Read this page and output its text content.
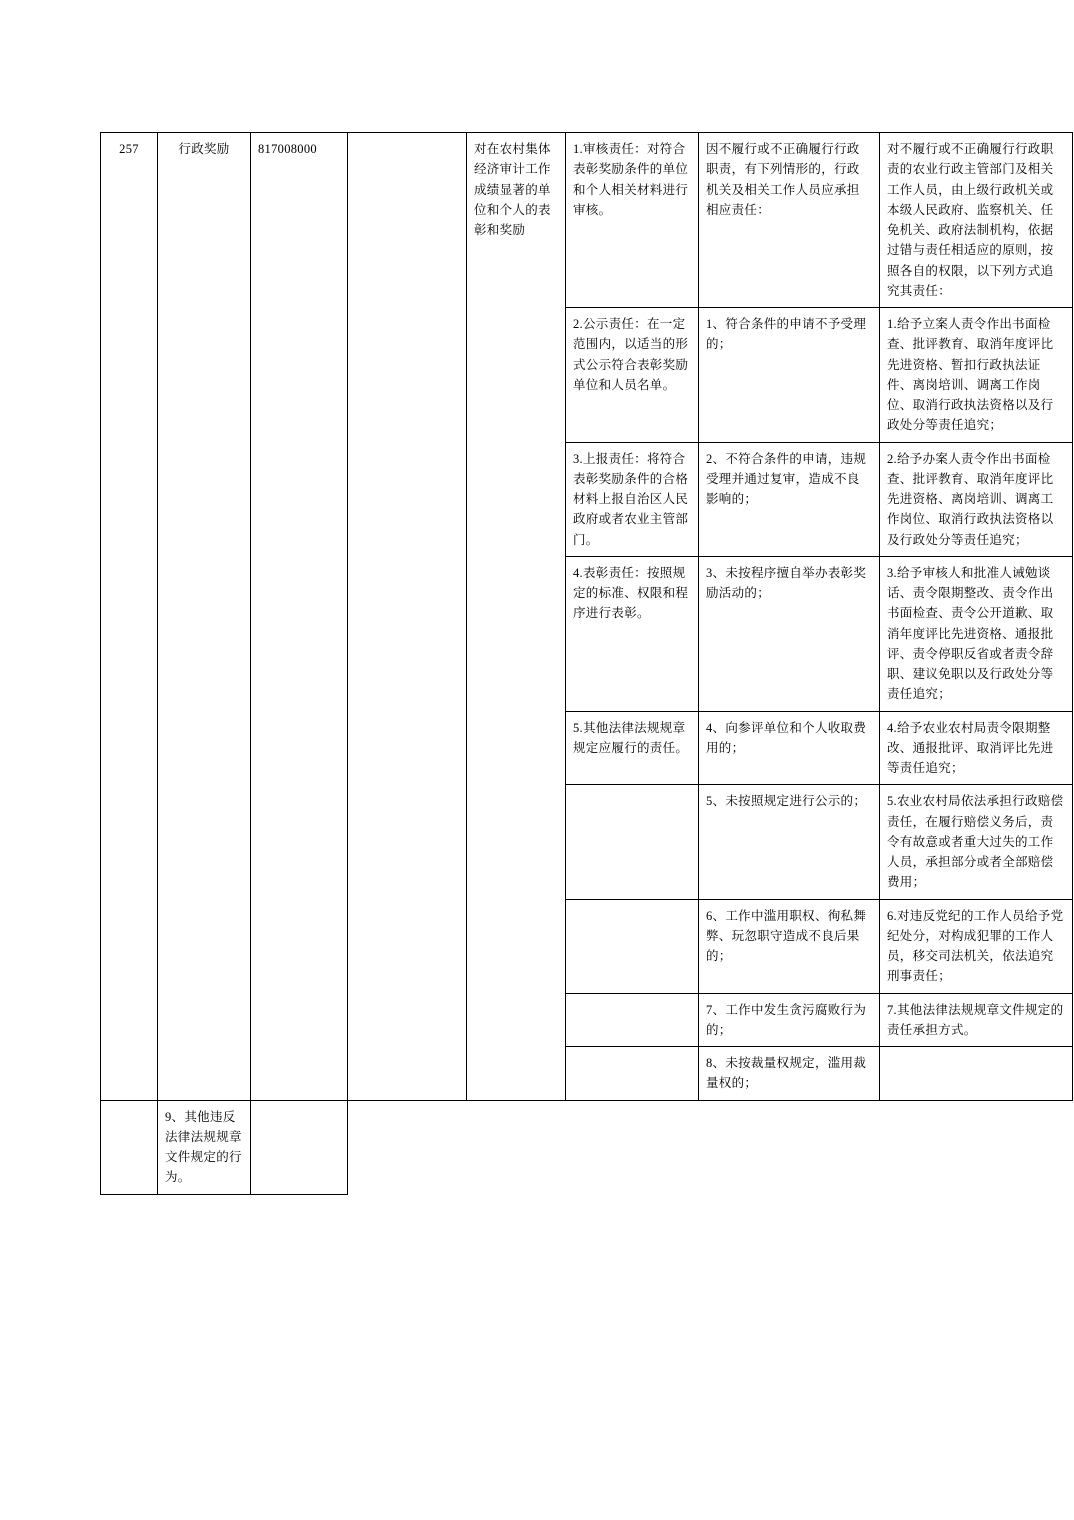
257	行政奖励	817008000		对在农村集体经济审计工作成绩显著的单位和个人的表彰和奖励	1.审核责任：对符合表彰奖励条件的单位和个人相关材料进行审核。	因不履行或不正确履行行政职责，有下列情形的，行政机关及相关工作人员应承担相应责任：	对不履行或不正确履行行政职责的农业行政主管部门及相关工作人员，由上级行政机关或本级人民政府、监察机关、任免机关、政府法制机构，依据过错与责任相适应的原则，按照各自的权限，以下列方式追究其责任：

					2.公示责任：在一定范围内，以适当的形式公示符合表彰奖励单位和人员名单。	1、符合条件的申请不予受理的；	1.给予立案人责令作出书面检查、批评教育、取消年度评比先进资格、暂扣行政执法证件、离岗培训、调离工作岗位、取消行政执法资格以及行政处分等责任追究；
					3.上报责任：将符合表彰奖励条件的合格材料上报自治区人民政府或者农业主管部门。	2、不符合条件的申请，违规受理并通过复审，造成不良影响的；	2.给予办案人责令作出书面检查、批评教育、取消年度评比先进资格、离岗培训、调离工作岗位、取消行政执法资格以及行政处分等责任追究；
					4.表彰责任：按照规定的标准、权限和程序进行表彰。	3、未按程序擅自举办表彰奖励活动的；	3.给予审核人和批准人诫勉谈话、责令限期整改、责令作出书面检查、责令公开道歉、取消年度评比先进资格、通报批评、责令停职反省或者责令辞职、建议免职以及行政处分等责任追究；
					5.其他法律法规规章规定应履行的责任。	4、向参评单位和个人收取费用的；	4.给予农业农村局责令限期整改、通报批评、取消评比先进等责任追究；
						5、未按照规定进行公示的；	5.农业农村局依法承担行政赔偿责任，在履行赔偿义务后，责令有故意或者重大过失的工作人员，承担部分或者全部赔偿费用；
						6、工作中滥用职权、徇私舞弊、玩忽职守造成不良后果的；	6.对违反党纪的工作人员给予党纪处分，对构成犯罪的工作人员，移交司法机关，依法追究刑事责任；
						7、工作中发生贪污腐败行为的；	7.其他法律法规规章文件规定的责任承担方式。
						8、未按裁量权规定，滥用裁量权的；	
	9、其他违反法律法规规章文件规定的行为。						
